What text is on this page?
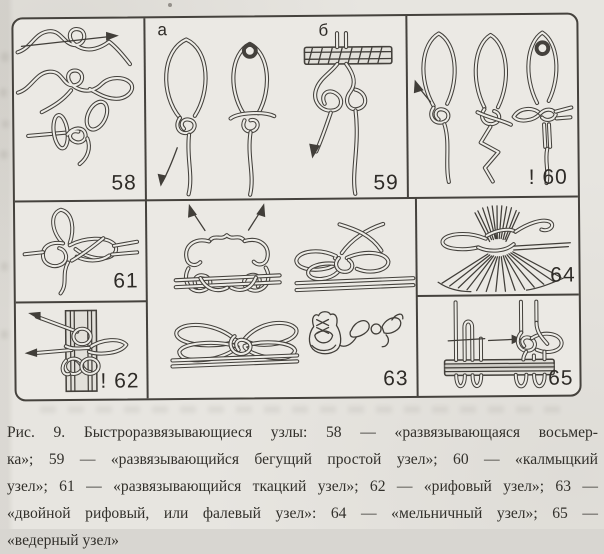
58
а	б
59	! 60
61
! 62	63
64
65
Рис. 9. Быстроразвязывающиеся узлы: 58 — «развязывающаяся восьмер-
ка»; 59 — «развязывающийся бегущий простой узел»; 60 — «калмыцкий
узел»; 61 — «развязывающийся ткацкий узел»; 62 — «рифовый узел»; 63 —
«двойной рифовый, или фалевый узел»: 64 — «мельничный узел»; 65 —
«ведерный узел»
